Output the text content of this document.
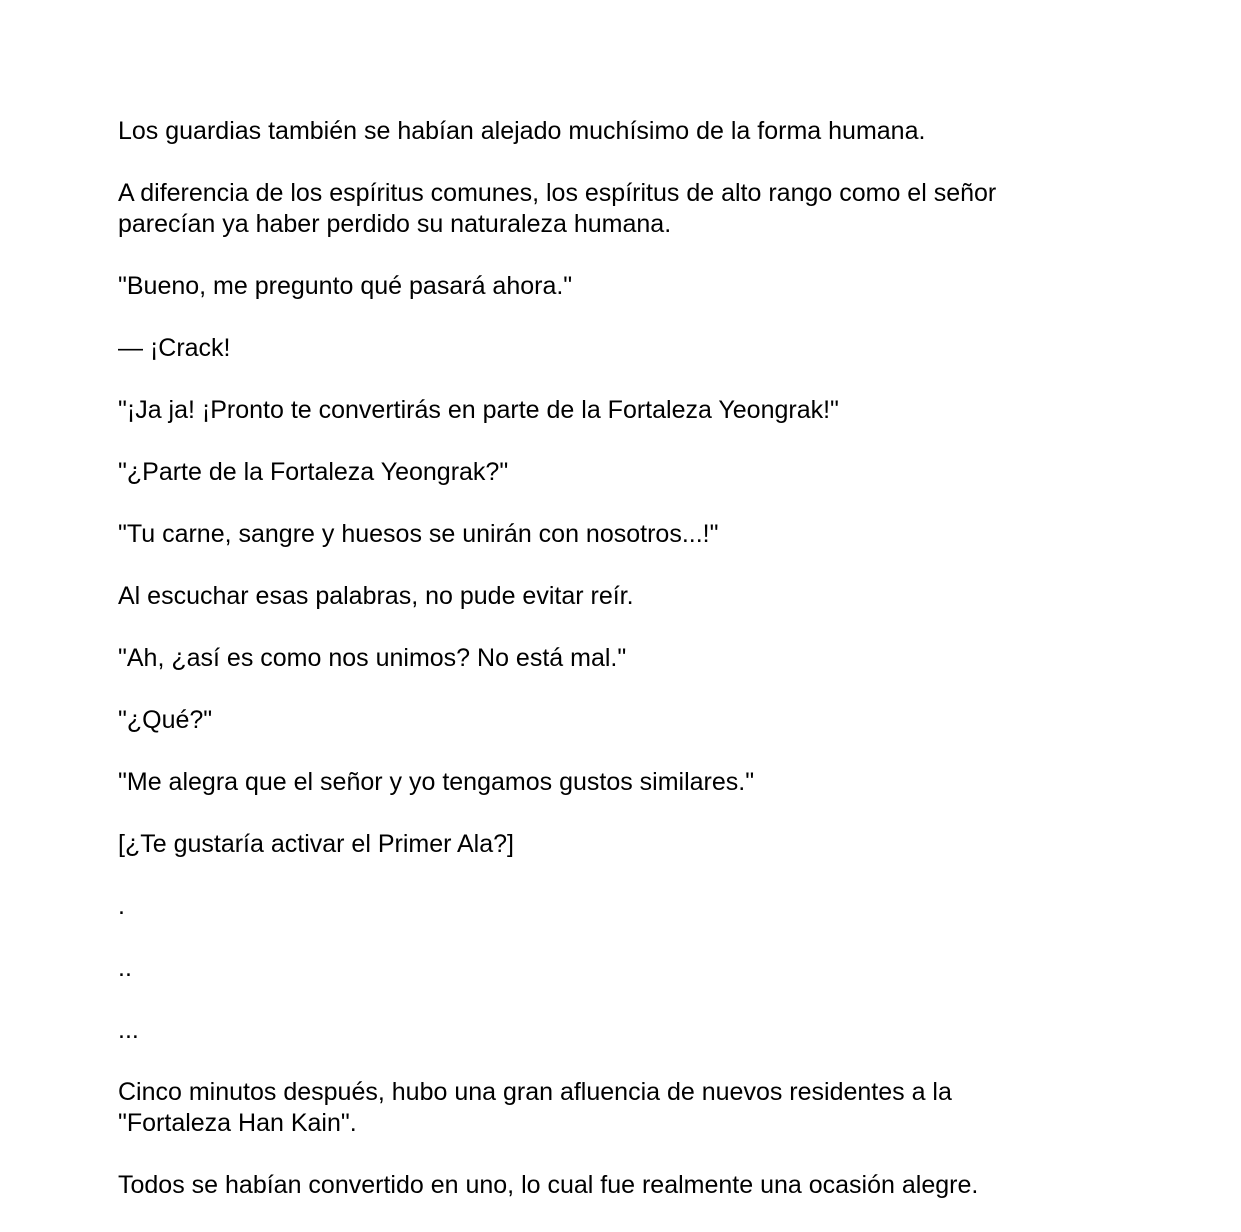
Los guardias también se habían alejado muchísimo de la forma humana.

A diferencia de los espíritus comunes, los espíritus de alto rango como el señor
parecían ya haber perdido su naturaleza humana.

"Bueno, me pregunto qué pasará ahora."

— ¡Crack!

"¡Ja ja! ¡Pronto te convertirás en parte de la Fortaleza Yeongrak!"

"¿Parte de la Fortaleza Yeongrak?"

"Tu carne, sangre y huesos se unirán con nosotros...!"

Al escuchar esas palabras, no pude evitar reír.

"Ah, ¿así es como nos unimos? No está mal."

"¿Qué?"

"Me alegra que el señor y yo tengamos gustos similares."

[¿Te gustaría activar el Primer Ala?]

.

..

...

Cinco minutos después, hubo una gran afluencia de nuevos residentes a la
"Fortaleza Han Kain".

Todos se habían convertido en uno, lo cual fue realmente una ocasión alegre.
